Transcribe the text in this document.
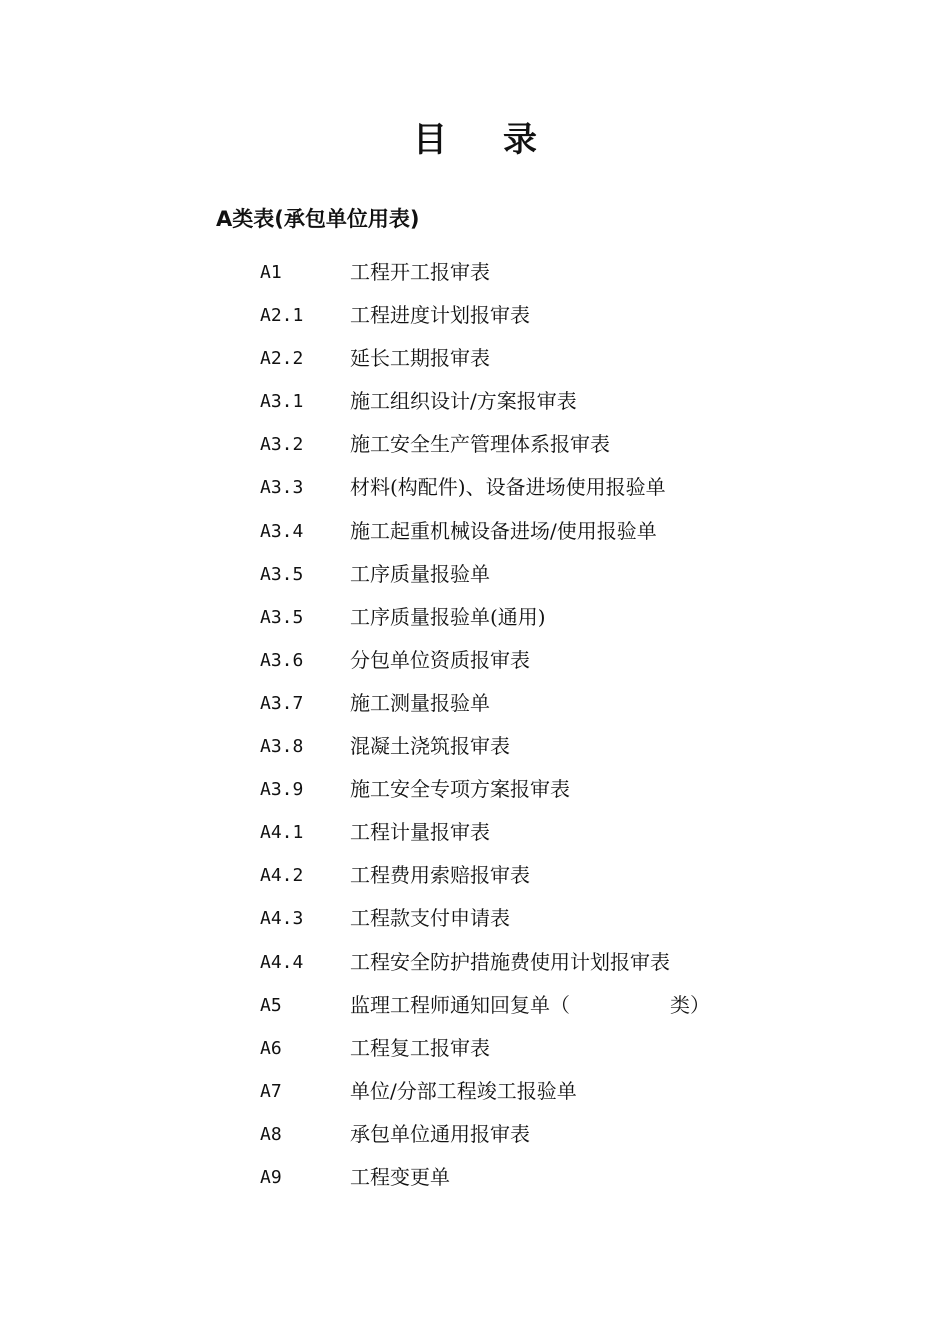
目 录
A类表(承包单位用表)
A1	工程开工报审表
A2.1	工程进度计划报审表
A2.2	延长工期报审表
A3.1	施工组织设计/方案报审表
A3.2	施工安全生产管理体系报审表
A3.3	材料(构配件)、设备进场使用报验单
A3.4	施工起重机械设备进场/使用报验单
A3.5	工序质量报验单
A3.5	工序质量报验单(通用)
A3.6	分包单位资质报审表
A3.7	施工测量报验单
A3.8	混凝土浇筑报审表
A3.9	施工安全专项方案报审表
A4.1	工程计量报审表
A4.2	工程费用索赔报审表
A4.3	工程款支付申请表
A4.4	工程安全防护措施费使用计划报审表
A5	监理工程师通知回复单（	类）
A6	工程复工报审表
A7	单位/分部工程竣工报验单
A8	承包单位通用报审表
A9	工程变更单
